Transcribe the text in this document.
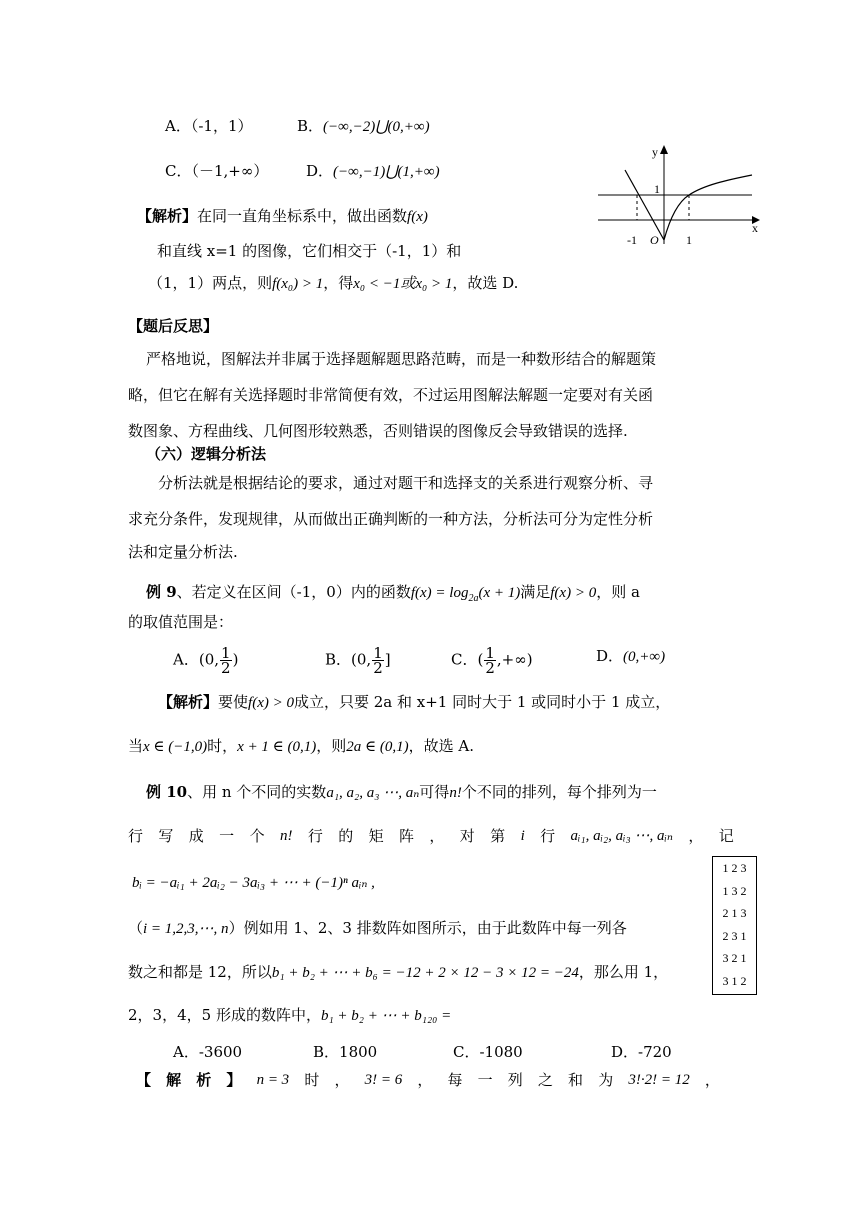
A．（-1，1）	B．(−∞,−2)⋃(0,+∞)
C．（－1,+∞）	D．(−∞,−1)⋃(1,+∞)
y
x
O
1
-1	1
【解析】在同一直角坐标系中，做出函数f(x)
和直线 x=1 的图像，它们相交于（-1，1）和
（1，1）两点，则f(x₀) > 1，得x₀ < −1或x₀ > 1，故选 D.
【题后反思】
严格地说，图解法并非属于选择题解题思路范畴，而是一种数形结合的解题策
略，但它在解有关选择题时非常简便有效，不过运用图解法解题一定要对有关函
数图象、方程曲线、几何图形较熟悉，否则错误的图像反会导致错误的选择.
（六）逻辑分析法
分析法就是根据结论的要求，通过对题干和选择支的关系进行观察分析、寻
求充分条件，发现规律，从而做出正确判断的一种方法，分析法可分为定性分析
法和定量分析法.
例 9、若定义在区间（-1，0）内的函数$f(x) = \log_{2a}(x + 1)$满足f(x) > 0，则 a
的取值范围是：
A．(0, $\frac{1}{2}$ )	B．(0, $\frac{1}{2}$ ]	C．( $\frac{1}{2}$ ,+∞)	D．(0,+∞)
【解析】要使f(x) > 0成立，只要 2a 和 x+1 同时大于 1 或同时小于 1 成立，
当x ∈ (−1,0)时，x + 1 ∈ (0,1)，则2a ∈ (0,1)，故选 A.
例 10、用 n 个不同的实数a₁, a₂, a₃ ⋯, aₙ可得n!个不同的排列，每个排列为一
行 写 成 一 个 n! 行 的 矩 阵 ， 对 第 i 行 aᵢ₁, aᵢ₂, aᵢ₃ ⋯, aᵢₙ ， 记
bᵢ = −aᵢ₁ + 2aᵢ₂ − 3aᵢ₃ + ⋯ + (−1)ⁿ aᵢₙ ,
（i = 1,2,3,⋯, n）例如用 1、2、3 排数阵如图所示，由于此数阵中每一列各
数之和都是 12，所以b₁ + b₂ + ⋯ + b₆ = −12 + 2 × 12 − 3 × 12 = −24，那么用 1，
2，3，4，5 形成的数阵中，b₁ + b₂ + ⋯ + b₁₂₀ =
1 2 3
1 3 2
2 1 3
2 3 1
3 2 1
3 1 2
A．-3600	B．1800	C．-1080	D．-720
【 解 析 】 n = 3 时 ， 3! = 6 ， 每 一 列 之 和 为 3!·2! = 12 ，
